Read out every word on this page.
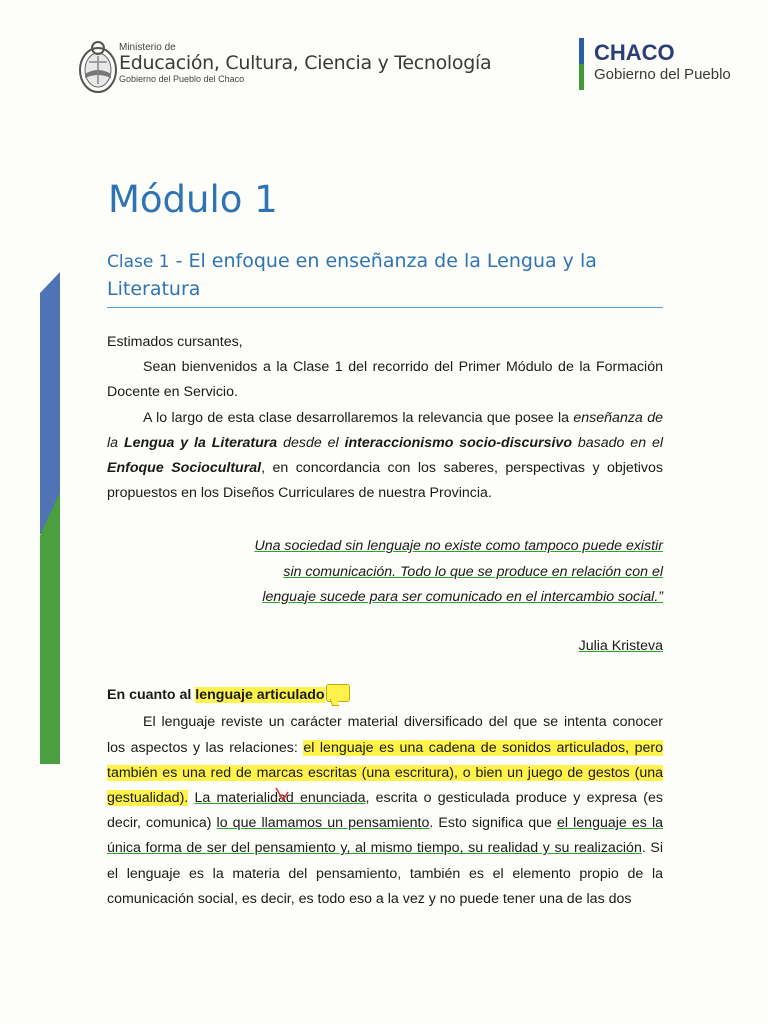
Ministerio de
Educación, Cultura, Ciencia y Tecnología
Gobierno del Pueblo del Chaco
CHACO
Gobierno del Pueblo
Módulo 1
Clase 1 - El enfoque en enseñanza de la Lengua y la Literatura

Estimados cursantes,

Sean bienvenidos a la Clase 1 del recorrido del Primer Módulo de la Formación Docente en Servicio.

A lo largo de esta clase desarrollaremos la relevancia que posee la enseñanza de la Lengua y la Literatura desde el interaccionismo socio-discursivo basado en el Enfoque Sociocultural, en concordancia con los saberes, perspectivas y objetivos propuestos en los Diseños Curriculares de nuestra Provincia.

Una sociedad sin lenguaje no existe como tampoco puede existir sin comunicación. Todo lo que se produce en relación con el lenguaje sucede para ser comunicado en el intercambio social.”

Julia Kristeva

En cuanto al lenguaje articulado

El lenguaje reviste un carácter material diversificado del que se intenta conocer los aspectos y las relaciones: el lenguaje es una cadena de sonidos articulados, pero también es una red de marcas escritas (una escritura), o bien un juego de gestos (una gestualidad). La materialidad enunciada, escrita o gesticulada produce y expresa (es decir, comunica) lo que llamamos un pensamiento. Esto significa que el lenguaje es la única forma de ser del pensamiento y, al mismo tiempo, su realidad y su realización. Si el lenguaje es la materia del pensamiento, también es el elemento propio de la comunicación social, es decir, es todo eso a la vez y no puede tener una de las dos
